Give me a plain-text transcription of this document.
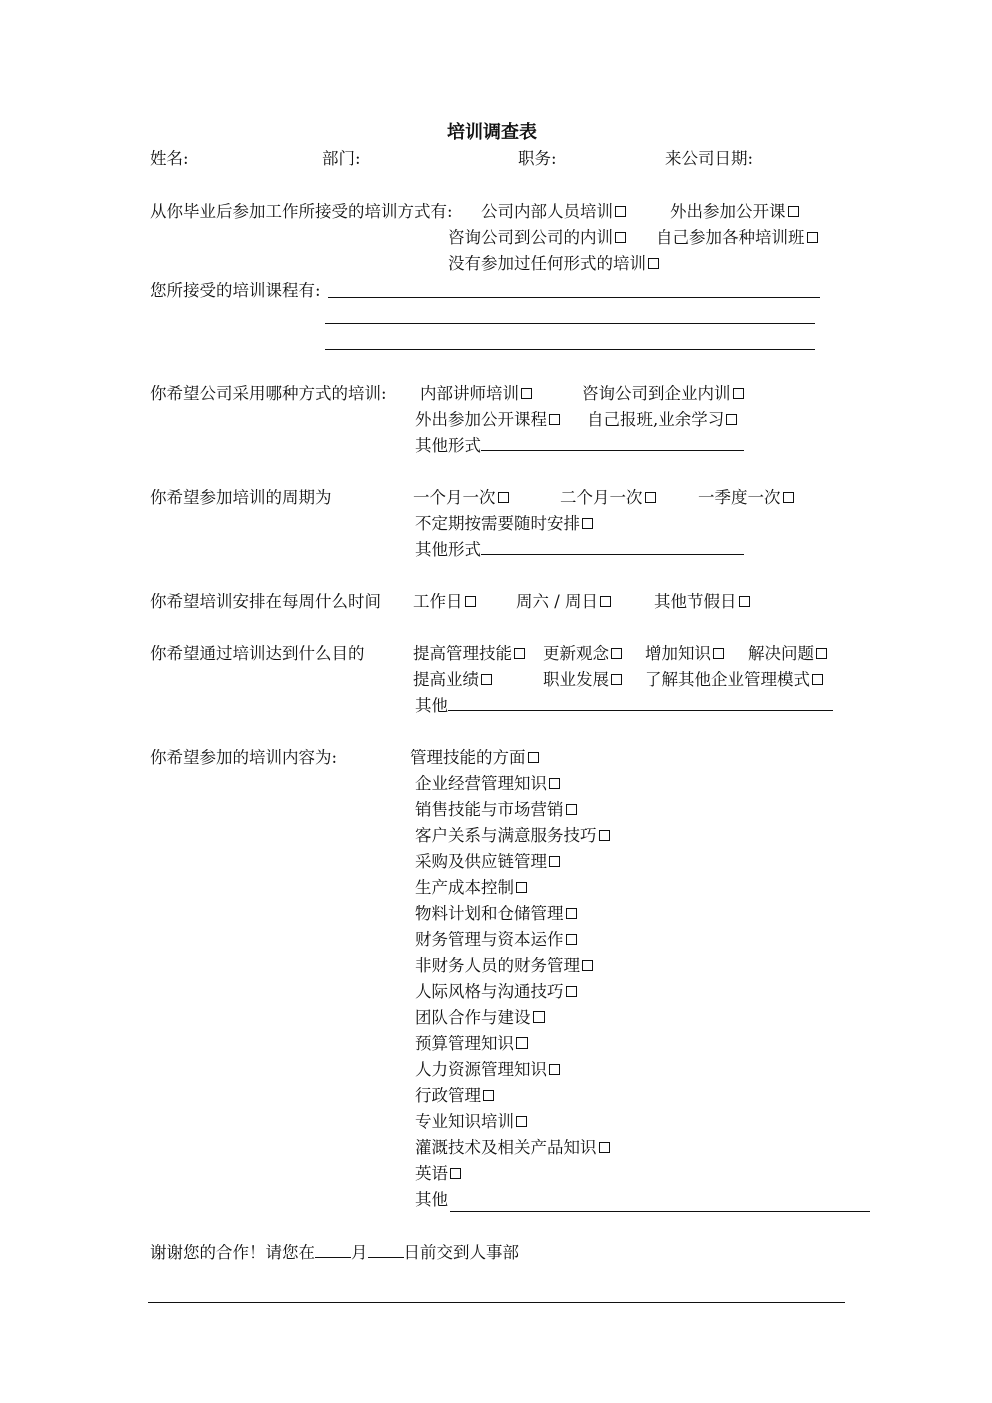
培训调查表
姓名:	部门:	职务:	来公司日期:
从你毕业后参加工作所接受的培训方式有: 公司内部人员培训	外出参加公开课
咨询公司到公司的内训	自己参加各种培训班
没有参加过任何形式的培训
您所接受的培训课程有:
你希望公司采用哪种方式的培训: 内部讲师培训	咨询公司到企业内训
外出参加公开课程	自己报班,业余学习
其他形式
你希望参加培训的周期为	一个月一次	二个月一次	一季度一次
不定期按需要随时安排
其他形式
你希望培训安排在每周什么时间 工作日	周六 / 周日	其他节假日
你希望通过培训达到什么目的	提高管理技能	更新观念	增加知识	解决问题
提高业绩	职业发展	了解其他企业管理模式
其他
你希望参加的培训内容为:	管理技能的方面
企业经营管理知识
销售技能与市场营销
客户关系与满意服务技巧
采购及供应链管理
生产成本控制
物料计划和仓储管理
财务管理与资本运作
非财务人员的财务管理
人际风格与沟通技巧
团队合作与建设
预算管理知识
人力资源管理知识
行政管理
专业知识培训
灌溉技术及相关产品知识
英语
其他
谢谢您的合作！请您在 月 日前交到人事部
